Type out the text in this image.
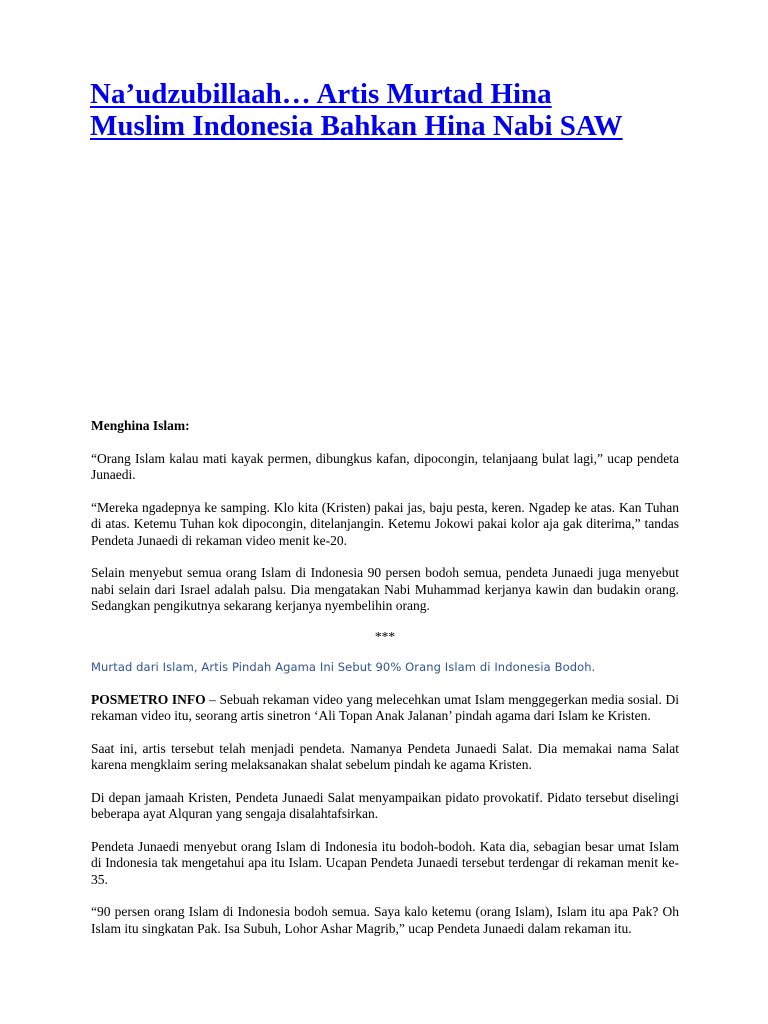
Na’udzubillaah… Artis Murtad Hina
Muslim Indonesia Bahkan Hina Nabi SAW

Menghina Islam:

“Orang Islam kalau mati kayak permen, dibungkus kafan, dipocongin, telanjaang bulat lagi,” ucap pendeta Junaedi.

“Mereka ngadepnya ke samping. Klo kita (Kristen) pakai jas, baju pesta, keren. Ngadep ke atas. Kan Tuhan di atas. Ketemu Tuhan kok dipocongin, ditelanjangin. Ketemu Jokowi pakai kolor aja gak diterima,” tandas Pendeta Junaedi di rekaman video menit ke-20.

Selain menyebut semua orang Islam di Indonesia 90 persen bodoh semua, pendeta Junaedi juga menyebut nabi selain dari Israel adalah palsu. Dia mengatakan Nabi Muhammad kerjanya kawin dan budakin orang. Sedangkan pengikutnya sekarang kerjanya nyembelihin orang.

***

Murtad dari Islam, Artis Pindah Agama Ini Sebut 90% Orang Islam di Indonesia Bodoh.

POSMETRO INFO – Sebuah rekaman video yang melecehkan umat Islam menggegerkan media sosial. Di rekaman video itu, seorang artis sinetron ‘Ali Topan Anak Jalanan’ pindah agama dari Islam ke Kristen.

Saat ini, artis tersebut telah menjadi pendeta. Namanya Pendeta Junaedi Salat. Dia memakai nama Salat karena mengklaim sering melaksanakan shalat sebelum pindah ke agama Kristen.

Di depan jamaah Kristen, Pendeta Junaedi Salat menyampaikan pidato provokatif. Pidato tersebut diselingi beberapa ayat Alquran yang sengaja disalahtafsirkan.

Pendeta Junaedi menyebut orang Islam di Indonesia itu bodoh-bodoh. Kata dia, sebagian besar umat Islam di Indonesia tak mengetahui apa itu Islam. Ucapan Pendeta Junaedi tersebut terdengar di rekaman menit ke-35.

“90 persen orang Islam di Indonesia bodoh semua. Saya kalo ketemu (orang Islam), Islam itu apa Pak? Oh Islam itu singkatan Pak. Isa Subuh, Lohor Ashar Magrib,” ucap Pendeta Junaedi dalam rekaman itu.
